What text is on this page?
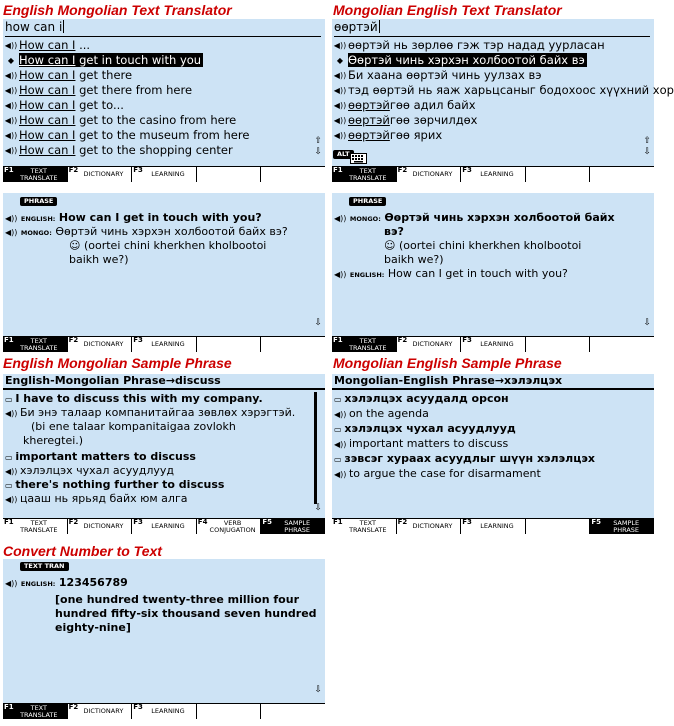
English Mongolian Text Translator	Mongolian English Text Translator
English Mongolian Sample Phrase	Mongolian English Sample Phrase
Convert Number to Text
how can i
◀)) How can I ...
◆ How can I get in touch with you
◀)) How can I get there
◀)) How can I get there from here
◀)) How can I get to...
◀)) How can I get to the casino from here
◀)) How can I get to the museum from here
◀)) How can I get to the shopping center
⇧
⇩
F1	TEXT
TRANSLATE
F2 DICTIONARY	F3	LEARNING
өөртэй
◀)) өөртэй нь зөрлөө гэж тэр надад уурласан
◆ Өөртэй чинь хэрхэн холбоотой байх вэ
◀)) Би хаана өөртэй чинь уулзах вэ
◀)) тэд өөртэй нь яаж харьцсаныг бодохоос хүүхний хор
◀)) өөртэйгөө адил байх
◀)) өөртэйгөө зөрчилдөх
◀)) өөртэйгөө ярих
ALT
⇧
⇩
F1	TEXT
TRANSLATE
F2 DICTIONARY	F3	LEARNING
PHRASE
◀)) ENGLISH: How can I get in touch with you?
◀)) MONGO: Өөртэй чинь хэрхэн холбоотой байх вэ?
☺ (oortei chini kherkhen kholbootoi
baikh we?)
⇩
F1	TEXT
TRANSLATE
F2 DICTIONARY	F3	LEARNING
PHRASE
◀)) MONGO: Өөртэй чинь хэрхэн холбоотой байх
вэ?
☺ (oortei chini kherkhen kholbootoi
baikh we?)
◀)) ENGLISH: How can I get in touch with you?
⇩
F1	TEXT
TRANSLATE
F2 DICTIONARY	F3	LEARNING
English-Mongolian Phrase→discuss
▭ I have to discuss this with my company.
◀)) Би энэ талаар компанитайгаа зөвлөх хэрэгтэй.
(bi ene talaar kompanitaigaa zovlokh
kheregtei.)
▭ important matters to discuss
◀)) хэлэлцэх чухал асуудлууд
▭ there's nothing further to discuss
◀)) цааш нь ярьяд байх юм алга
⇩
F1	TEXT
TRANSLATE
F2 DICTIONARY	F3	LEARNING	F4	VERB
CONJUGATION
F5	SAMPLE
PHRASE
Mongolian-English Phrase→хэлэлцэх
▭ хэлэлцэх асуудалд орсон
◀)) on the agenda
▭ хэлэлцэх чухал асуудлууд
◀)) important matters to discuss
▭ зэвсэг хураах асуудлыг шүүн хэлэлцэх
◀)) to argue the case for disarmament
F1	TEXT
TRANSLATE
F2 DICTIONARY	F3	LEARNING	F5	SAMPLE
PHRASE
TEXT TRAN
◀)) ENGLISH: 123456789
[one hundred twenty-three million four
hundred fifty-six thousand seven hundred
eighty-nine]
⇩
F1	TEXT
TRANSLATE
F2 DICTIONARY	F3	LEARNING
